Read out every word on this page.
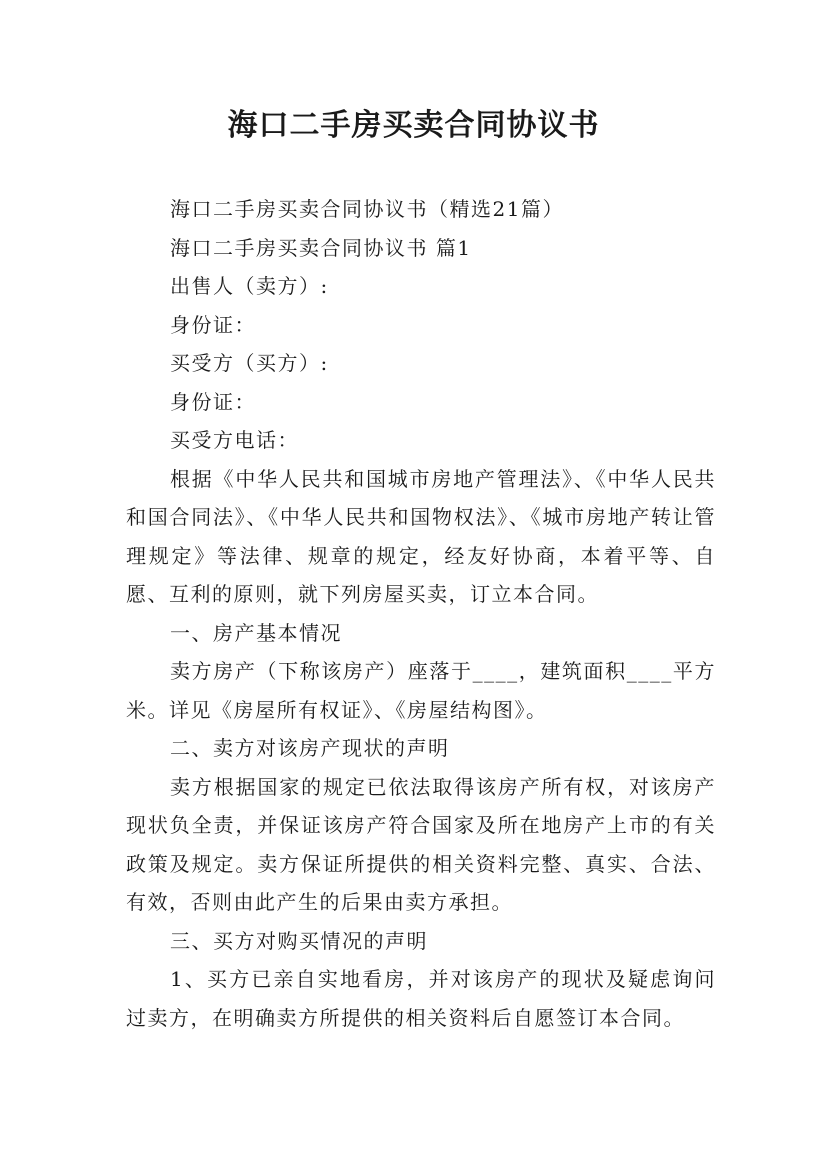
海口二手房买卖合同协议书

海口二手房买卖合同协议书（精选21篇）

海口二手房买卖合同协议书 篇1

出售人（卖方）:

身份证：

买受方（买方）:

身份证：

买受方电话：

根据《中华人民共和国城市房地产管理法》、《中华人民共和国合同法》、《中华人民共和国物权法》、《城市房地产转让管理规定》等法律、规章的规定，经友好协商，本着平等、自愿、互利的原则，就下列房屋买卖，订立本合同。

一、房产基本情况

卖方房产（下称该房产）座落于____，建筑面积____平方米。详见《房屋所有权证》、《房屋结构图》。

二、卖方对该房产现状的声明

卖方根据国家的规定已依法取得该房产所有权，对该房产现状负全责，并保证该房产符合国家及所在地房产上市的有关政策及规定。卖方保证所提供的相关资料完整、真实、合法、有效，否则由此产生的后果由卖方承担。

三、买方对购买情况的声明

1、买方已亲自实地看房，并对该房产的现状及疑虑询问过卖方，在明确卖方所提供的相关资料后自愿签订本合同。
